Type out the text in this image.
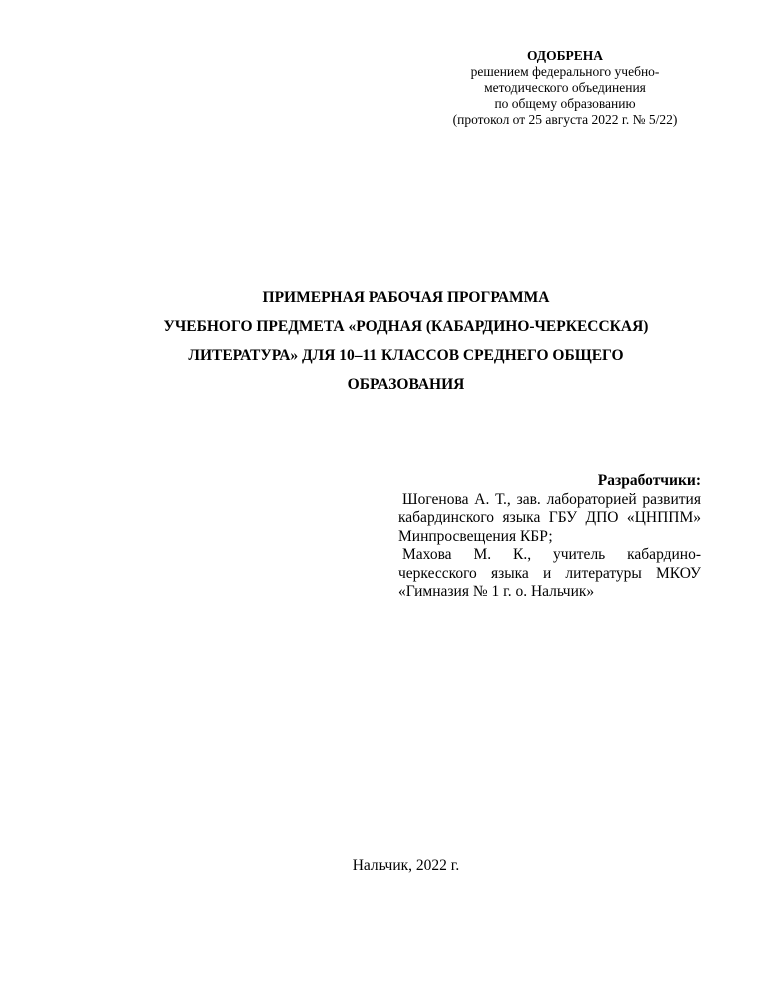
ОДОБРЕНА
решением федерального учебно-
методического объединения
по общему образованию
(протокол от 25 августа 2022 г. № 5/22)
ПРИМЕРНАЯ РАБОЧАЯ ПРОГРАММА
УЧЕБНОГО ПРЕДМЕТА «РОДНАЯ (КАБАРДИНО-ЧЕРКЕССКАЯ)
ЛИТЕРАТУРА» ДЛЯ 10–11 КЛАССОВ СРЕДНЕГО ОБЩЕГО
ОБРАЗОВАНИЯ
Разработчики:
Шогенова А. Т., зав. лабораторией развития кабардинского языка ГБУ ДПО «ЦНППМ» Минпросвещения КБР;
Махова М. К., учитель кабардино-черкесского языка и литературы МКОУ «Гимназия № 1 г. о. Нальчик»
Нальчик, 2022 г.
